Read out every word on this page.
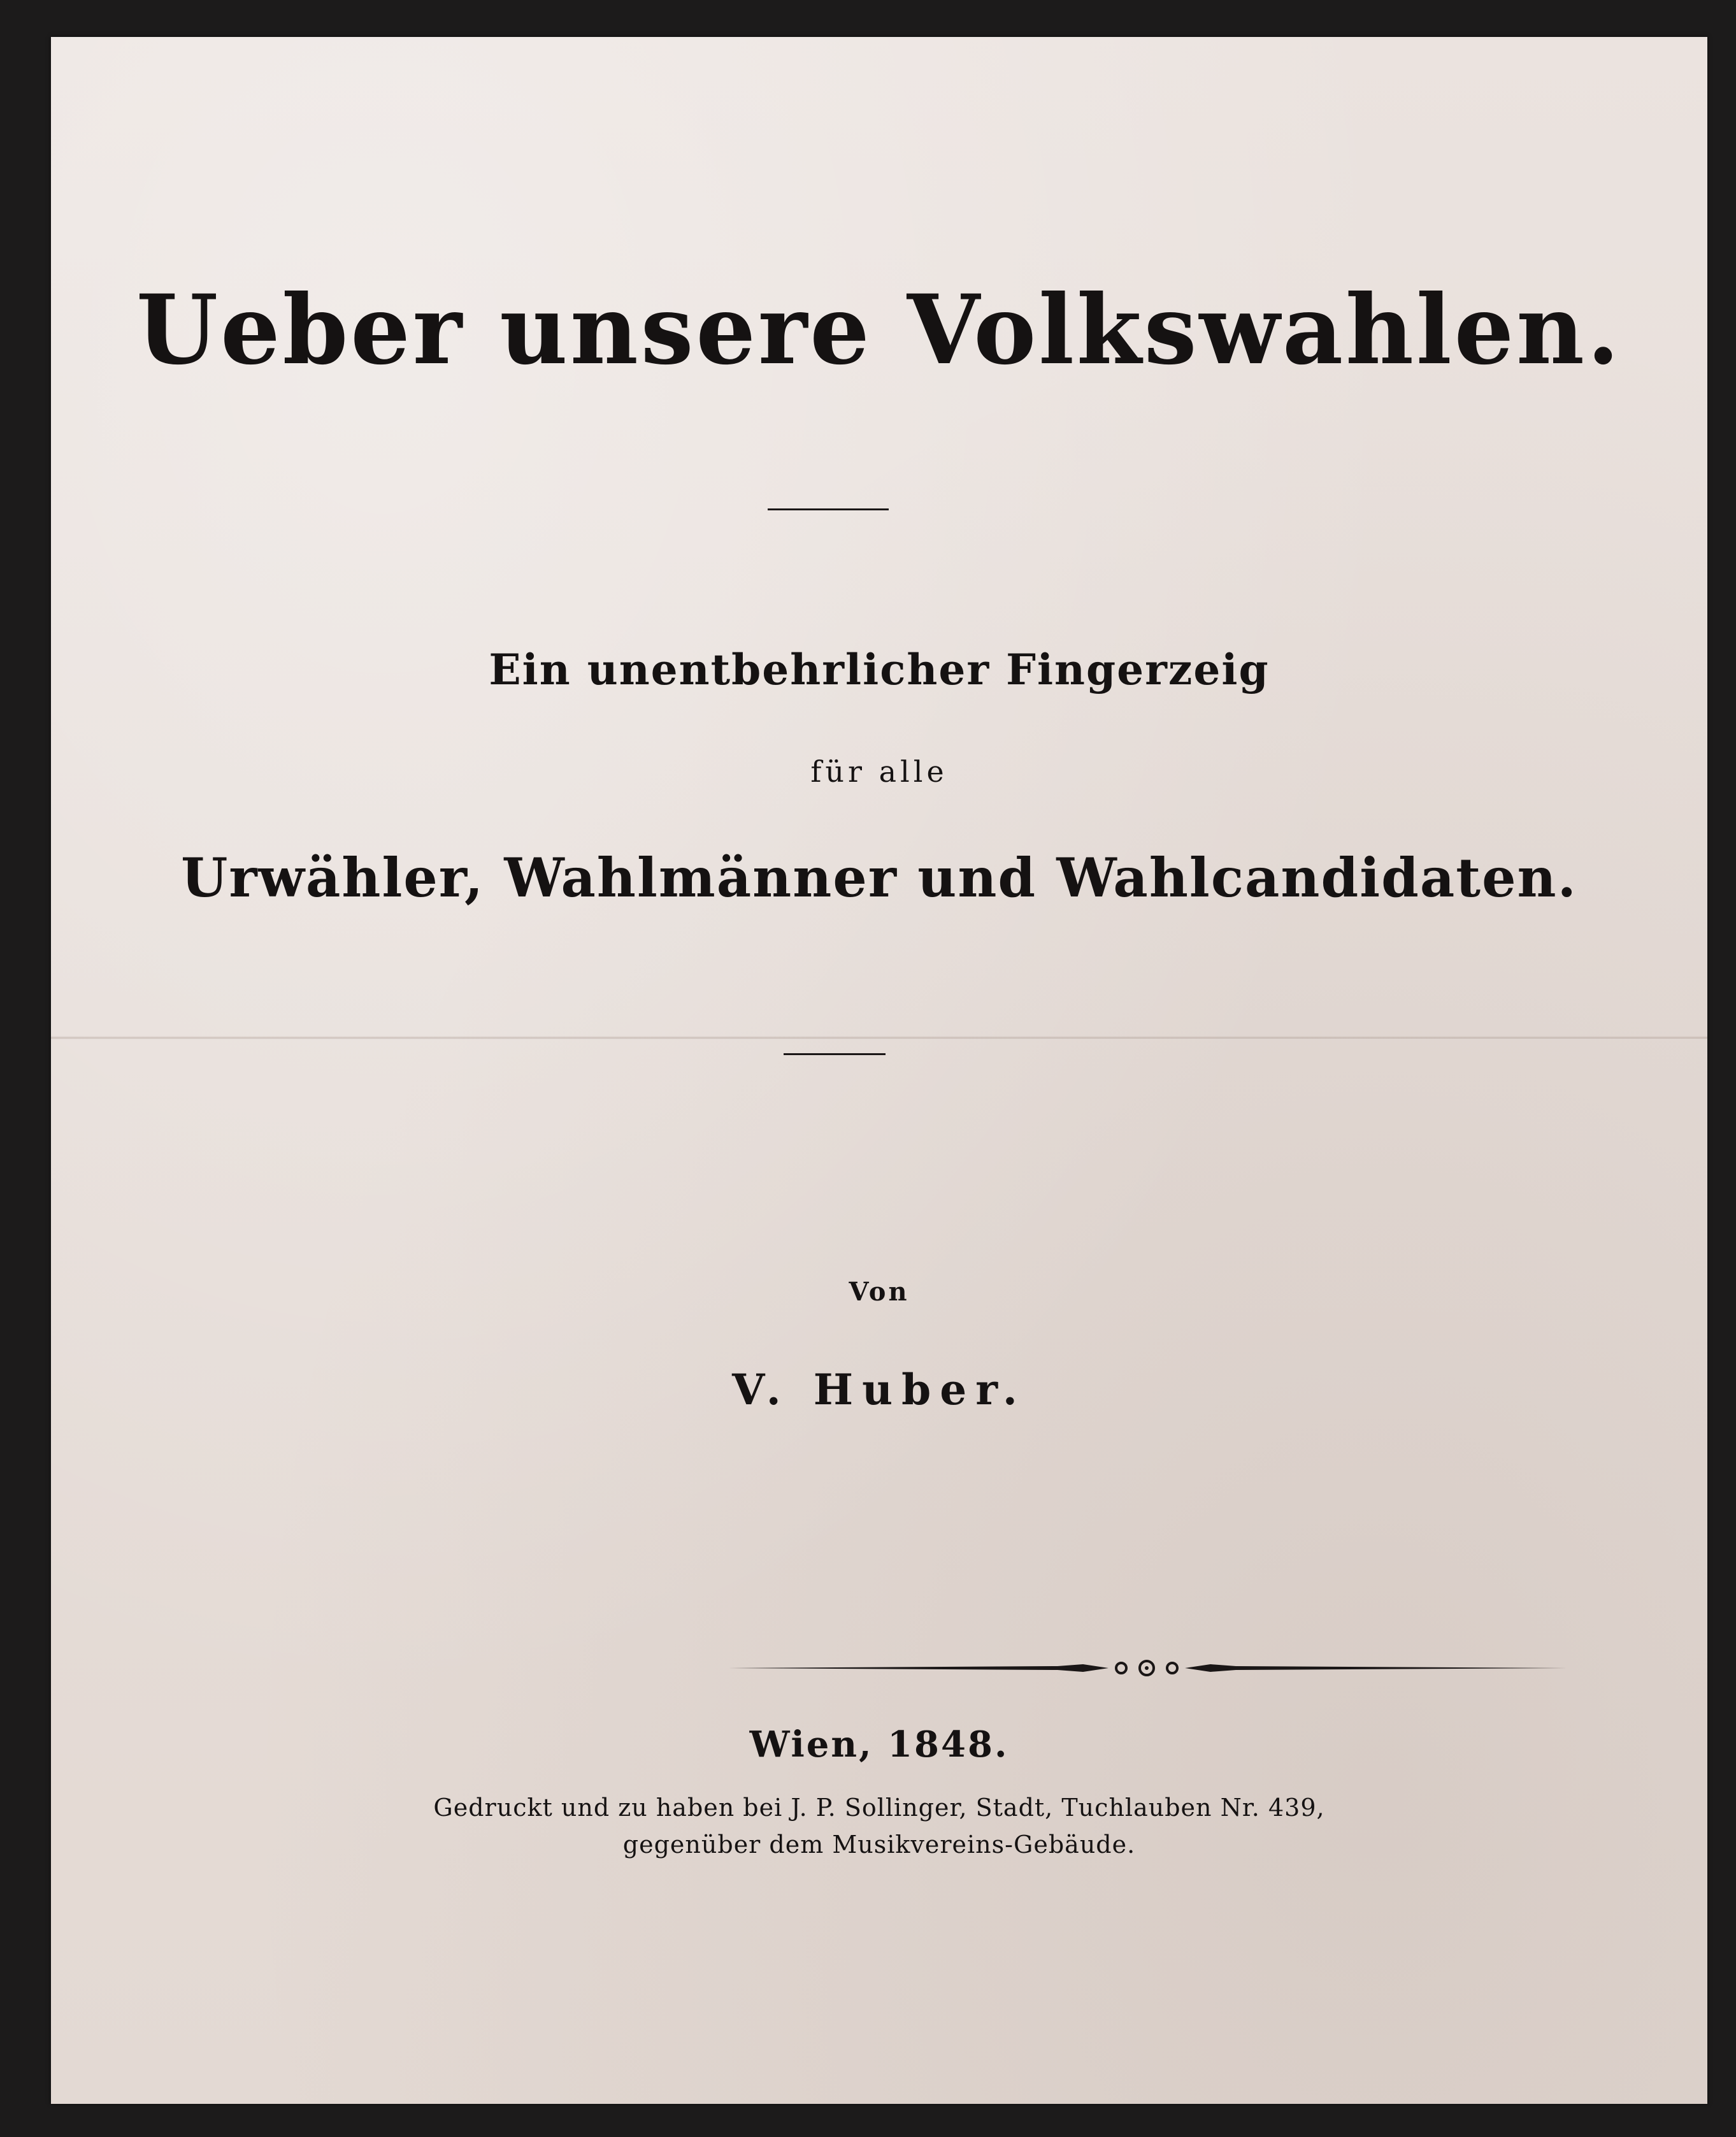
Ueber unsere Volkswahlen.
Ein unentbehrlicher Fingerzeig
für alle
Urwähler, Wahlmänner und Wahlcandidaten.
Von
V. Huber.
Wien, 1848.
Gedruckt und zu haben bei J. P. Sollinger, Stadt, Tuchlauben Nr. 439,
gegenüber dem Musikvereins-Gebäude.
